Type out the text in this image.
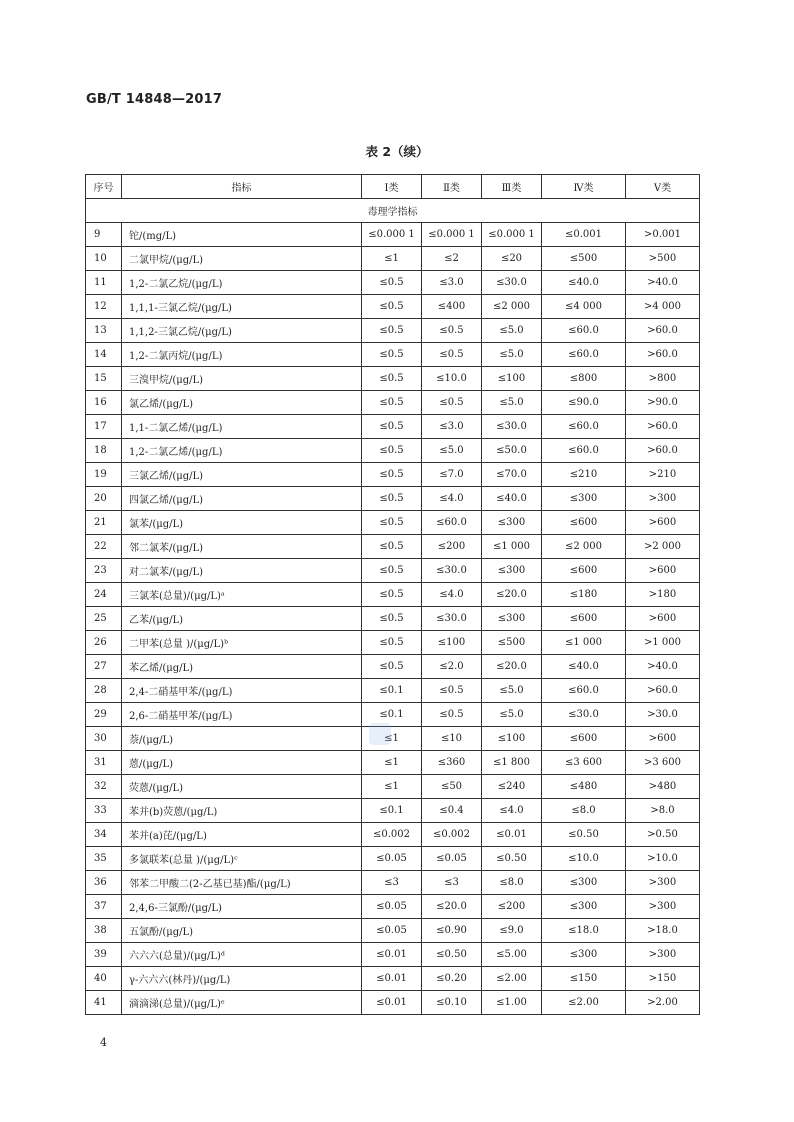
GB/T 14848—2017
表 2（续）
序号	指标	Ⅰ类	Ⅱ类	Ⅲ类	Ⅳ类	Ⅴ类
毒理学指标						
9	铊/(mg/L)	≤0.000 1	≤0.000 1	≤0.000 1	≤0.001	>0.001
10	二氯甲烷/(μg/L)	≤1	≤2	≤20	≤500	>500
11	1,2-二氯乙烷/(μg/L)	≤0.5	≤3.0	≤30.0	≤40.0	>40.0
12	1,1,1-三氯乙烷/(μg/L)	≤0.5	≤400	≤2 000	≤4 000	>4 000
13	1,1,2-三氯乙烷/(μg/L)	≤0.5	≤0.5	≤5.0	≤60.0	>60.0
14	1,2-二氯丙烷/(μg/L)	≤0.5	≤0.5	≤5.0	≤60.0	>60.0
15	三溴甲烷/(μg/L)	≤0.5	≤10.0	≤100	≤800	>800
16	氯乙烯/(μg/L)	≤0.5	≤0.5	≤5.0	≤90.0	>90.0
17	1,1-二氯乙烯/(μg/L)	≤0.5	≤3.0	≤30.0	≤60.0	>60.0
18	1,2-二氯乙烯/(μg/L)	≤0.5	≤5.0	≤50.0	≤60.0	>60.0
19	三氯乙烯/(μg/L)	≤0.5	≤7.0	≤70.0	≤210	>210
20	四氯乙烯/(μg/L)	≤0.5	≤4.0	≤40.0	≤300	>300
21	氯苯/(μg/L)	≤0.5	≤60.0	≤300	≤600	>600
22	邻二氯苯/(μg/L)	≤0.5	≤200	≤1 000	≤2 000	>2 000
23	对二氯苯/(μg/L)	≤0.5	≤30.0	≤300	≤600	>600
24	三氯苯(总量)/(μg/L)ᵃ	≤0.5	≤4.0	≤20.0	≤180	>180
25	乙苯/(μg/L)	≤0.5	≤30.0	≤300	≤600	>600
26	二甲苯(总量 )/(μg/L)ᵇ	≤0.5	≤100	≤500	≤1 000	>1 000
27	苯乙烯/(μg/L)	≤0.5	≤2.0	≤20.0	≤40.0	>40.0
28	2,4-二硝基甲苯/(μg/L)	≤0.1	≤0.5	≤5.0	≤60.0	>60.0
29	2,6-二硝基甲苯/(μg/L)	≤0.1	≤0.5	≤5.0	≤30.0	>30.0
30	萘/(μg/L)	≤1	≤10	≤100	≤600	>600
31	蒽/(μg/L)	≤1	≤360	≤1 800	≤3 600	>3 600
32	荧蒽/(μg/L)	≤1	≤50	≤240	≤480	>480
33	苯并(b)荧蒽/(μg/L)	≤0.1	≤0.4	≤4.0	≤8.0	>8.0
34	苯并(a)芘/(μg/L)	≤0.002	≤0.002	≤0.01	≤0.50	>0.50
35	多氯联苯(总量 )/(μg/L)ᶜ	≤0.05	≤0.05	≤0.50	≤10.0	>10.0
36	邻苯二甲酸二(2-乙基已基)酯/(μg/L)	≤3	≤3	≤8.0	≤300	>300
37	2,4,6-三氯酚/(μg/L)	≤0.05	≤20.0	≤200	≤300	>300
38	五氯酚/(μg/L)	≤0.05	≤0.90	≤9.0	≤18.0	>18.0
39	六六六(总量)/(μg/L)ᵈ	≤0.01	≤0.50	≤5.00	≤300	>300
40	γ-六六六(林丹)/(μg/L)	≤0.01	≤0.20	≤2.00	≤150	>150
41	滴滴涕(总量)/(μg/L)ᵉ	≤0.01	≤0.10	≤1.00	≤2.00	>2.00
4
